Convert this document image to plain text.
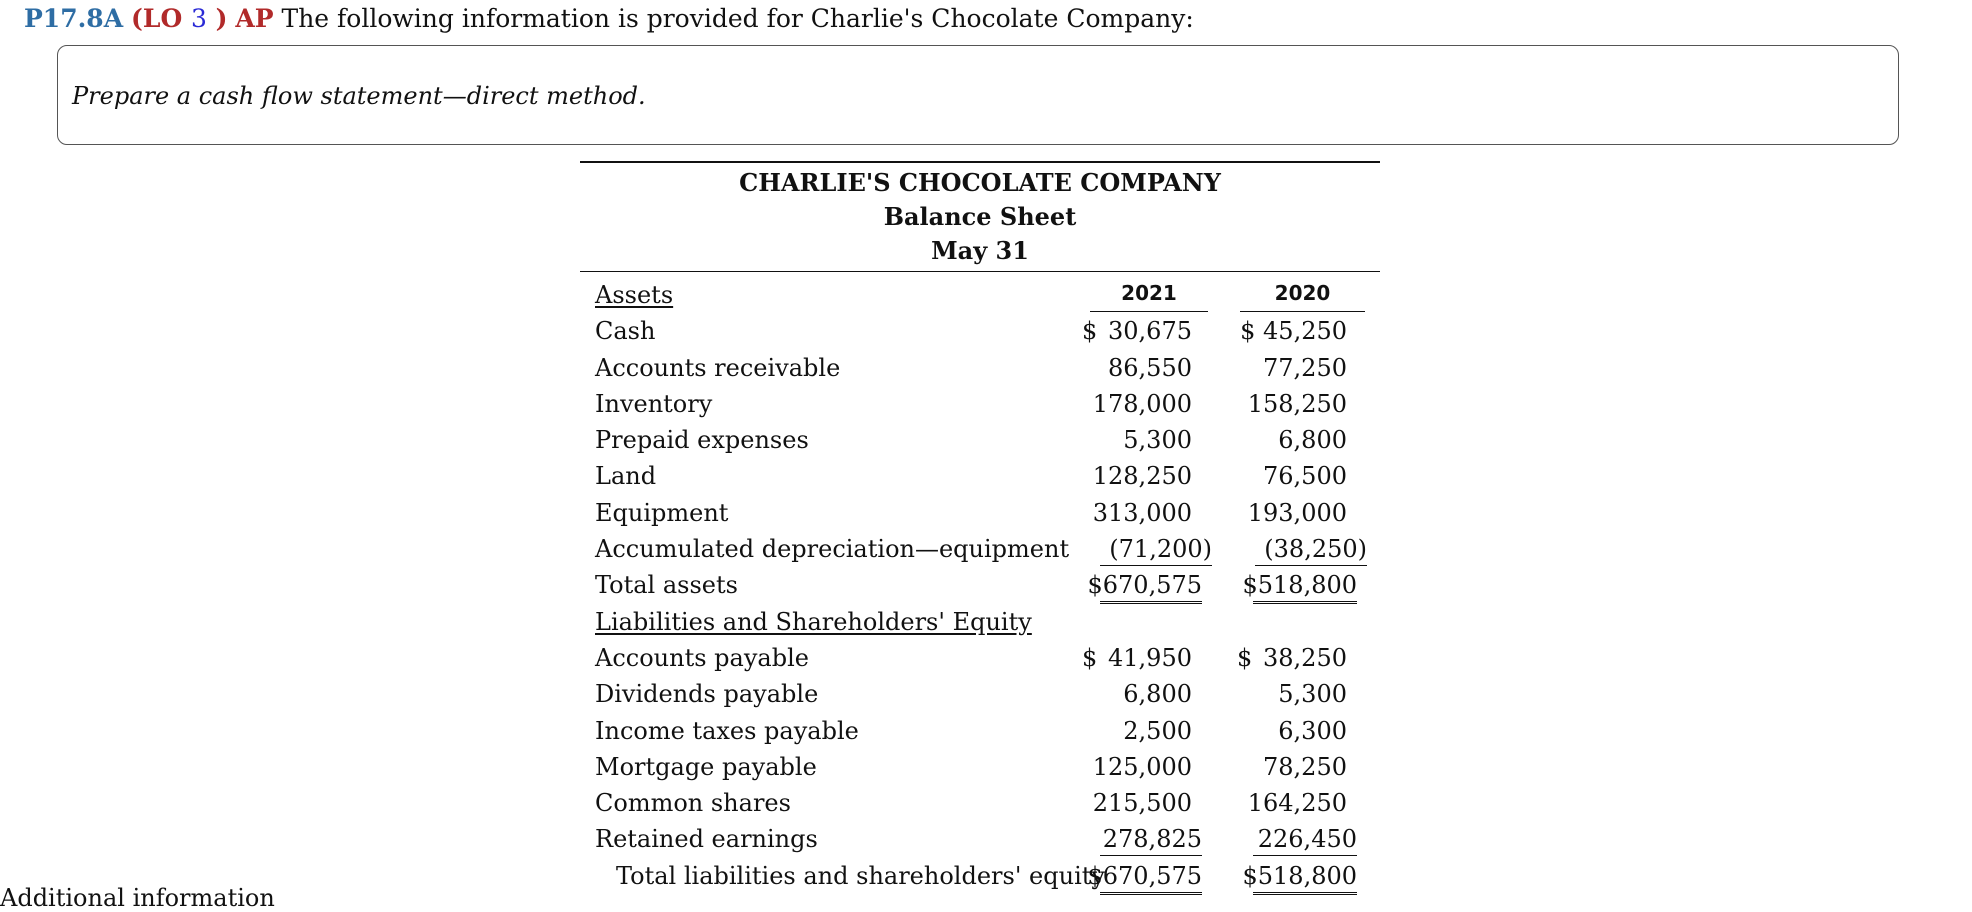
P17.8A (LO 3 ) AP The following information is provided for Charlie's Chocolate Company:
Prepare a cash flow statement—direct method.
CHARLIE'S CHOCOLATE COMPANY
Balance Sheet
May 31
Assets	2021	2020
Cash	$ 30,675 $ 45,250
Accounts receivable	86,550	77,250
Inventory	178,000 158,250
Prepaid expenses	5,300	6,800
Land	128,250	76,500
Equipment	313,000 193,000
Accumulated depreciation—equipment (71,200) (38,250)
Total assets	$670,575 $518,800
Liabilities and Shareholders' Equity
Accounts payable	$ 41,950 $ 38,250
Dividends payable	6,800	5,300
Income taxes payable	2,500	6,300
Mortgage payable	125,000	78,250
Common shares	215,500 164,250
Retained earnings	278,825 226,450
Total liabilities and shareholders' equity
$670,575 $518,800
Additional information
